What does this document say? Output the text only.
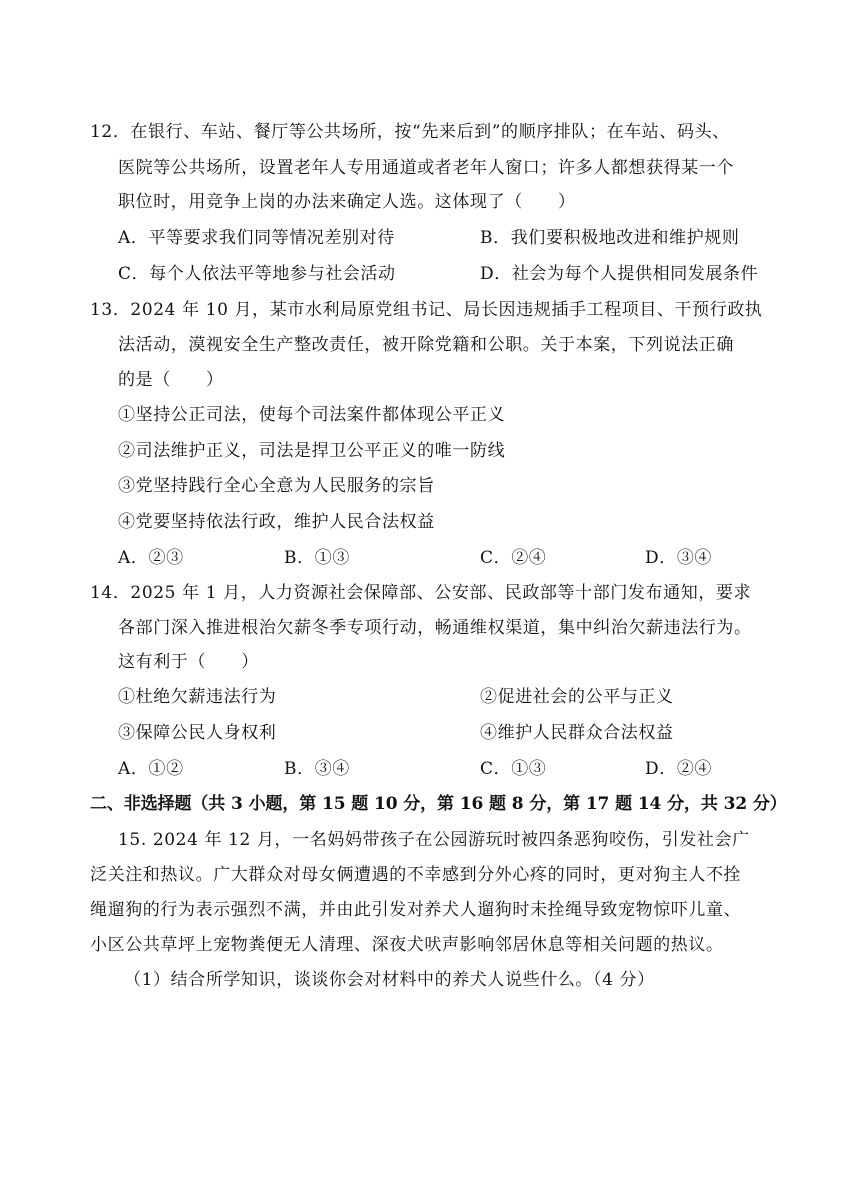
12．在银行、车站、餐厅等公共场所，按“先来后到”的顺序排队；在车站、码头、
医院等公共场所，设置老年人专用通道或者老年人窗口；许多人都想获得某一个
职位时，用竞争上岗的办法来确定人选。这体现了（　　）
A．平等要求我们同等情况差别对待	B．我们要积极地改进和维护规则
C．每个人依法平等地参与社会活动	D．社会为每个人提供相同发展条件
13．2024 年 10 月，某市水利局原党组书记、局长因违规插手工程项目、干预行政执
法活动，漠视安全生产整改责任，被开除党籍和公职。关于本案，下列说法正确
的是（　　）
①坚持公正司法，使每个司法案件都体现公平正义
②司法维护正义，司法是捍卫公平正义的唯一防线
③党坚持践行全心全意为人民服务的宗旨
④党要坚持依法行政，维护人民合法权益
A．②③	B．①③	C．②④	D．③④
14．2025 年 1 月，人力资源社会保障部、公安部、民政部等十部门发布通知，要求
各部门深入推进根治欠薪冬季专项行动，畅通维权渠道，集中纠治欠薪违法行为。
这有利于（　　）
①杜绝欠薪违法行为	②促进社会的公平与正义
③保障公民人身权利	④维护人民群众合法权益
A．①②	B．③④	C．①③	D．②④
二、非选择题（共 3 小题，第 15 题 10 分，第 16 题 8 分，第 17 题 14 分，共 32 分）
15. 2024 年 12 月，一名妈妈带孩子在公园游玩时被四条恶狗咬伤，引发社会广
泛关注和热议。广大群众对母女俩遭遇的不幸感到分外心疼的同时，更对狗主人不拴
绳遛狗的行为表示强烈不满，并由此引发对养犬人遛狗时未拴绳导致宠物惊吓儿童、
小区公共草坪上宠物粪便无人清理、深夜犬吠声影响邻居休息等相关问题的热议。
（1）结合所学知识，谈谈你会对材料中的养犬人说些什么。（4 分）
